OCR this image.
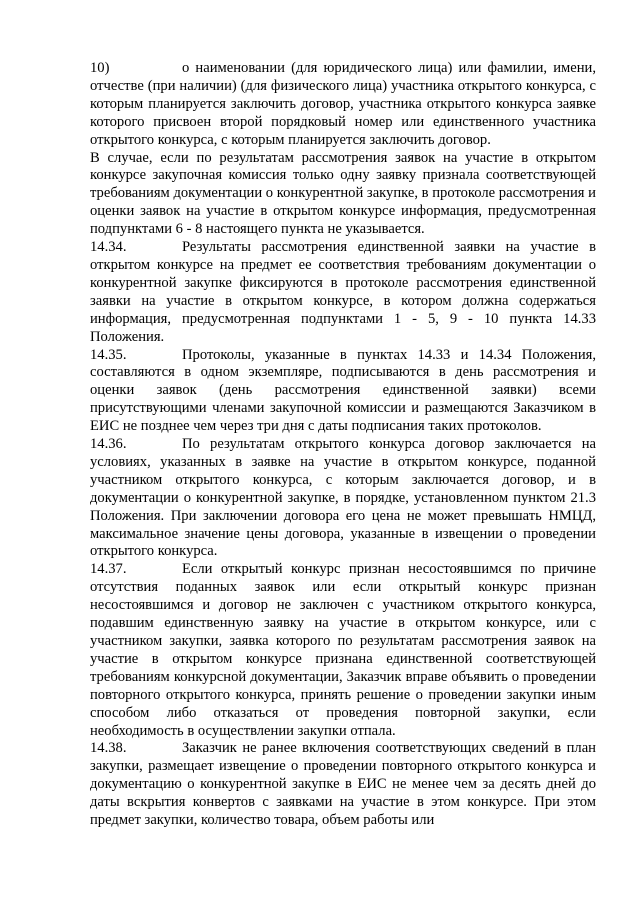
10)	о наименовании (для юридического лица) или фамилии, имени, отчестве (при наличии) (для физического лица) участника открытого конкурса, с которым планируется заключить договор, участника открытого конкурса заявке которого присвоен второй порядковый номер или единственного участника открытого конкурса, с которым планируется заключить договор.

В случае, если по результатам рассмотрения заявок на участие в открытом конкурсе закупочная комиссия только одну заявку признала соответствующей требованиям документации о конкурентной закупке, в протоколе рассмотрения и оценки заявок на участие в открытом конкурсе информация, предусмотренная подпунктами 6 - 8 настоящего пункта не указывается.

14.34.	Результаты рассмотрения единственной заявки на участие в открытом конкурсе на предмет ее соответствия требованиям документации о конкурентной закупке фиксируются в протоколе рассмотрения единственной заявки на участие в открытом конкурсе, в котором должна содержаться информация, предусмотренная подпунктами 1 - 5, 9 - 10 пункта 14.33 Положения.

14.35.	Протоколы, указанные в пунктах 14.33 и 14.34 Положения, составляются в одном экземпляре, подписываются в день рассмотрения и оценки заявок (день рассмотрения единственной заявки) всеми присутствующими членами закупочной комиссии и размещаются Заказчиком в ЕИС не позднее чем через три дня с даты подписания таких протоколов.

14.36.	По результатам открытого конкурса договор заключается на условиях, указанных в заявке на участие в открытом конкурсе, поданной участником открытого конкурса, с которым заключается договор, и в документации о конкурентной закупке, в порядке, установленном пунктом 21.3 Положения. При заключении договора его цена не может превышать НМЦД, максимальное значение цены договора, указанные в извещении о проведении открытого конкурса.

14.37.	Если открытый конкурс признан несостоявшимся по причине отсутствия поданных заявок или если открытый конкурс признан несостоявшимся и договор не заключен с участником открытого конкурса, подавшим единственную заявку на участие в открытом конкурсе, или с участником закупки, заявка которого по результатам рассмотрения заявок на участие в открытом конкурсе признана единственной соответствующей требованиям конкурсной документации, Заказчик вправе объявить о проведении повторного открытого конкурса, принять решение о проведении закупки иным способом либо отказаться от проведения повторной закупки, если необходимость в осуществлении закупки отпала.

14.38.	Заказчик не ранее включения соответствующих сведений в план закупки, размещает извещение о проведении повторного открытого конкурса и документацию о конкурентной закупке в ЕИС не менее чем за десять дней до даты вскрытия конвертов с заявками на участие в этом конкурсе. При этом предмет закупки, количество товара, объем работы или
